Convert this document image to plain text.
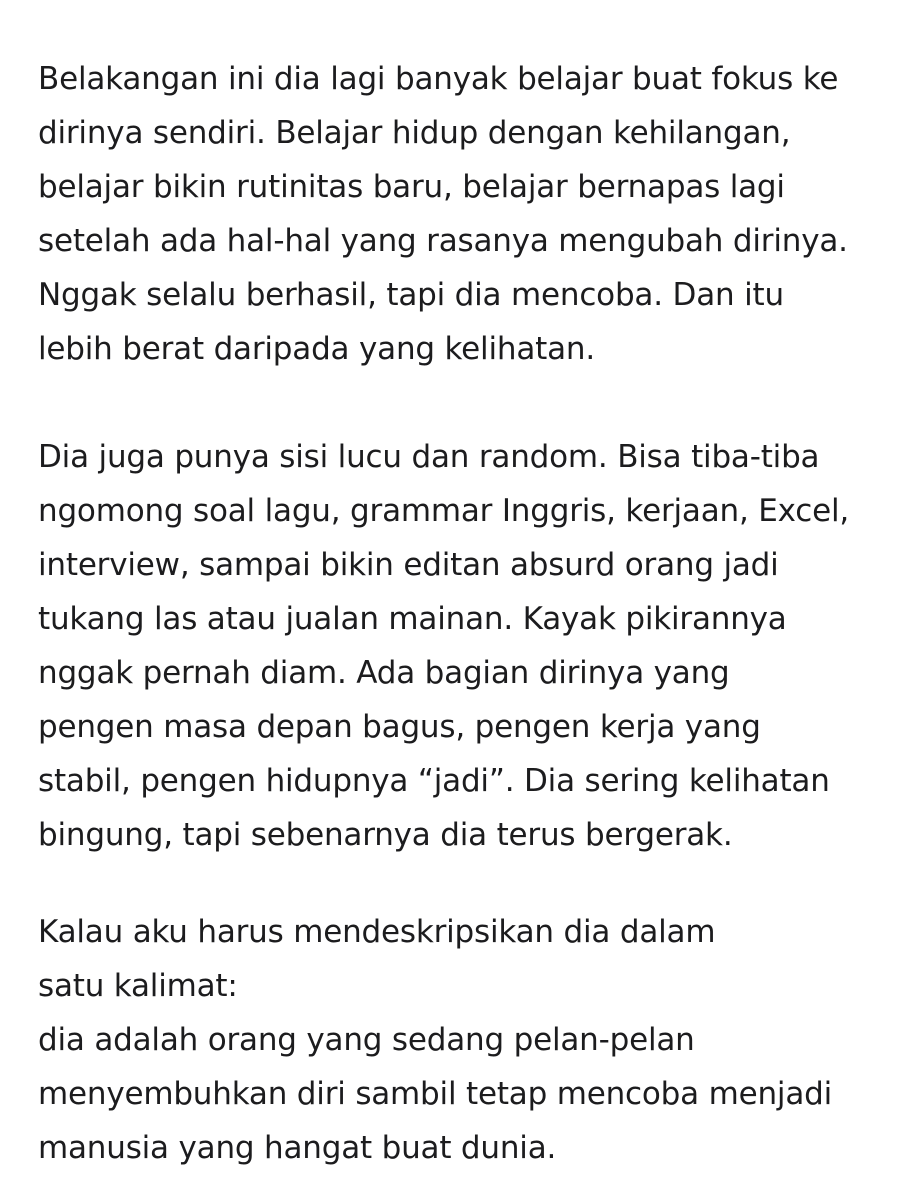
Belakangan ini dia lagi banyak belajar buat fokus ke
dirinya sendiri. Belajar hidup dengan kehilangan,
belajar bikin rutinitas baru, belajar bernapas lagi
setelah ada hal-hal yang rasanya mengubah dirinya.
Nggak selalu berhasil, tapi dia mencoba. Dan itu
lebih berat daripada yang kelihatan.
Dia juga punya sisi lucu dan random. Bisa tiba-tiba
ngomong soal lagu, grammar Inggris, kerjaan, Excel,
interview, sampai bikin editan absurd orang jadi
tukang las atau jualan mainan. Kayak pikirannya
nggak pernah diam. Ada bagian dirinya yang
pengen masa depan bagus, pengen kerja yang
stabil, pengen hidupnya “jadi”. Dia sering kelihatan
bingung, tapi sebenarnya dia terus bergerak.
Kalau aku harus mendeskripsikan dia dalam
satu kalimat:
dia adalah orang yang sedang pelan-pelan
menyembuhkan diri sambil tetap mencoba menjadi
manusia yang hangat buat dunia.
